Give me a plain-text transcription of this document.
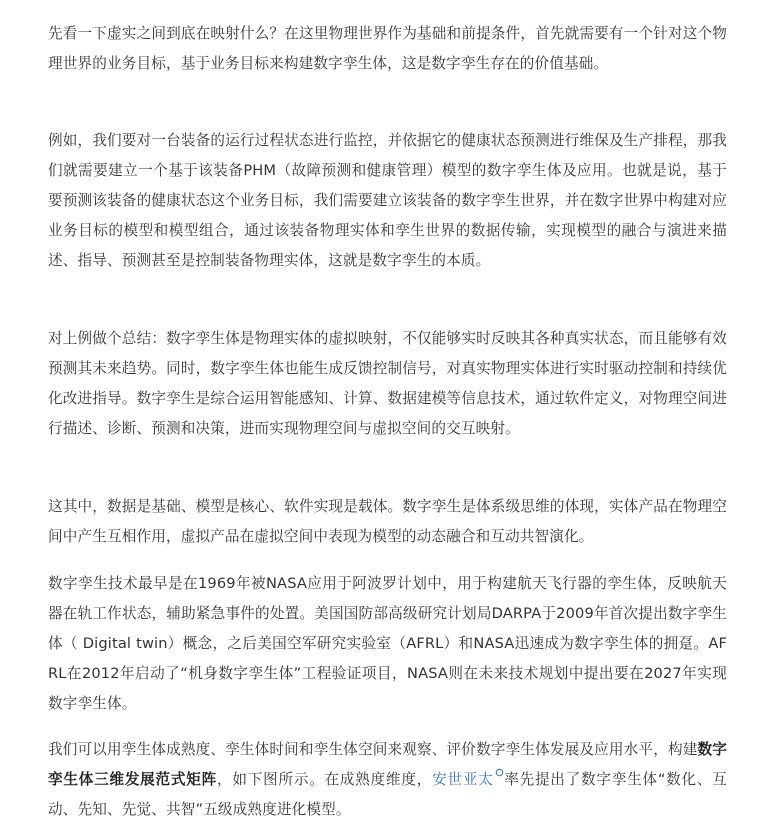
先看一下虚实之间到底在映射什么？在这里物理世界作为基础和前提条件，首先就需要有一个针对这个物理世界的业务目标，基于业务目标来构建数字孪生体，这是数字孪生存在的价值基础。

例如，我们要对一台装备的运行过程状态进行监控，并依据它的健康状态预测进行维保及生产排程，那我们就需要建立一个基于该装备PHM（故障预测和健康管理）模型的数字孪生体及应用。也就是说，基于要预测该装备的健康状态这个业务目标，我们需要建立该装备的数字孪生世界，并在数字世界中构建对应业务目标的模型和模型组合，通过该装备物理实体和孪生世界的数据传输，实现模型的融合与演进来描述、指导、预测甚至是控制装备物理实体，这就是数字孪生的本质。

对上例做个总结：数字孪生体是物理实体的虚拟映射，不仅能够实时反映其各种真实状态，而且能够有效预测其未来趋势。同时，数字孪生体也能生成反馈控制信号，对真实物理实体进行实时驱动控制和持续优化改进指导。数字孪生是综合运用智能感知、计算、数据建模等信息技术，通过软件定义，对物理空间进行描述、诊断、预测和决策，进而实现物理空间与虚拟空间的交互映射。

这其中，数据是基础、模型是核心、软件实现是载体。数字孪生是体系级思维的体现，实体产品在物理空间中产生互相作用，虚拟产品在虚拟空间中表现为模型的动态融合和互动共智演化。

数字孪生技术最早是在1969年被NASA应用于阿波罗计划中，用于构建航天飞行器的孪生体，反映航天器在轨工作状态，辅助紧急事件的处置。美国国防部高级研究计划局DARPA于2009年首次提出数字孪生体（ Digital twin）概念，之后美国空军研究实验室（AFRL）和NASA迅速成为数字孪生体的拥趸。AFRL在2012年启动了“机身数字孪生体”工程验证项目，NASA则在未来技术规划中提出要在2027年实现数字孪生体。

我们可以用孪生体成熟度、孪生体时间和孪生体空间来观察、评价数字孪生体发展及应用水平，构建数字孪生体三维发展范式矩阵，如下图所示。在成熟度维度，安世亚太 率先提出了数字孪生体“数化、互动、先知、先觉、共智”五级成熟度进化模型。
